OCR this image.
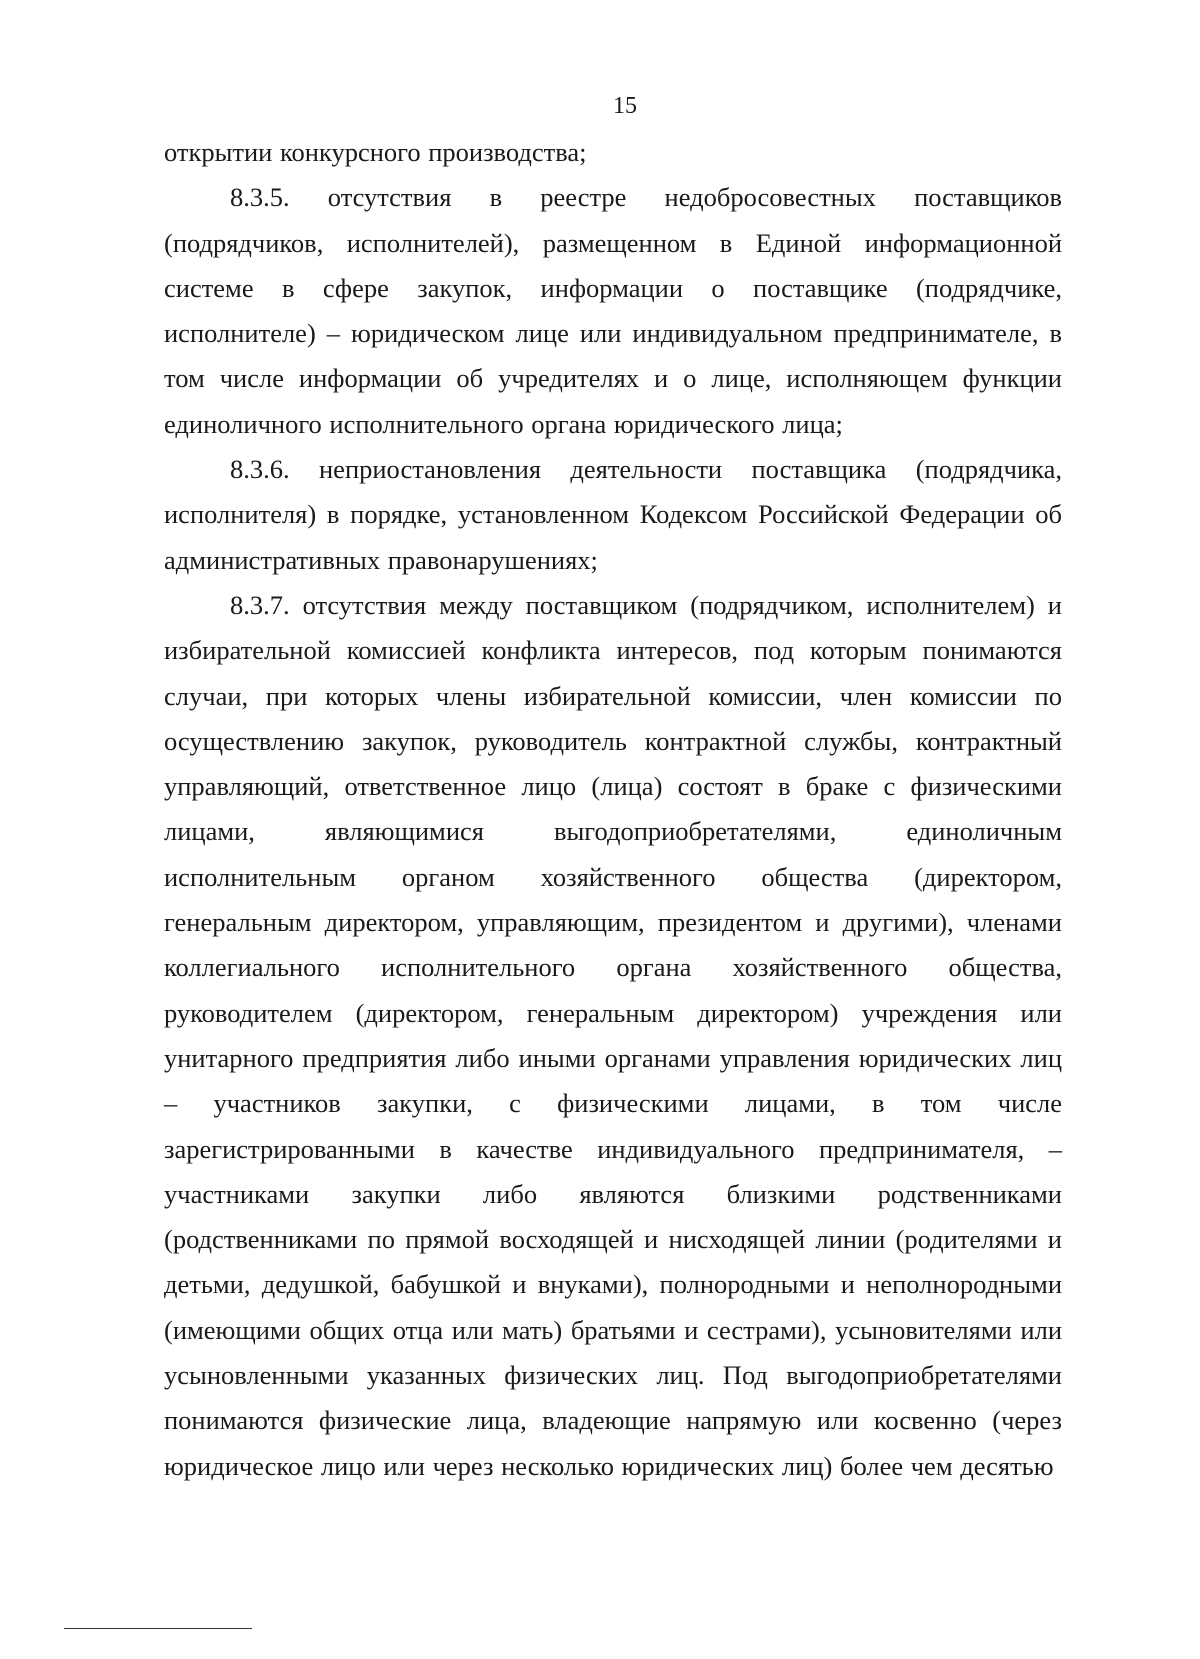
15

открытии конкурсного производства;

8.3.5. отсутствия в реестре недобросовестных поставщиков (подрядчиков, исполнителей), размещенном в Единой информационной системе в сфере закупок, информации о поставщике (подрядчике, исполнителе) – юридическом лице или индивидуальном предпринимателе, в том числе информации об учредителях и о лице, исполняющем функции единоличного исполнительного органа юридического лица;

8.3.6. неприостановления деятельности поставщика (подрядчика, исполнителя) в порядке, установленном Кодексом Российской Федерации об административных правонарушениях;

8.3.7. отсутствия между поставщиком (подрядчиком, исполнителем) и избирательной комиссией конфликта интересов, под которым понимаются случаи, при которых члены избирательной комиссии, член комиссии по осуществлению закупок, руководитель контрактной службы, контрактный управляющий, ответственное лицо (лица) состоят в браке с физическими лицами, являющимися выгодоприобретателями, единоличным исполнительным органом хозяйственного общества (директором, генеральным директором, управляющим, президентом и другими), членами коллегиального исполнительного органа хозяйственного общества, руководителем (директором, генеральным директором) учреждения или унитарного предприятия либо иными органами управления юридических лиц – участников закупки, с физическими лицами, в том числе зарегистрированными в качестве индивидуального предпринимателя, – участниками закупки либо являются близкими родственниками (родственниками по прямой восходящей и нисходящей линии (родителями и детьми, дедушкой, бабушкой и внуками), полнородными и неполнородными (имеющими общих отца или мать) братьями и сестрами), усыновителями или усыновленными указанных физических лиц. Под выгодоприобретателями понимаются физические лица, владеющие напрямую или косвенно (через юридическое лицо или через несколько юридических лиц) более чем десятью
